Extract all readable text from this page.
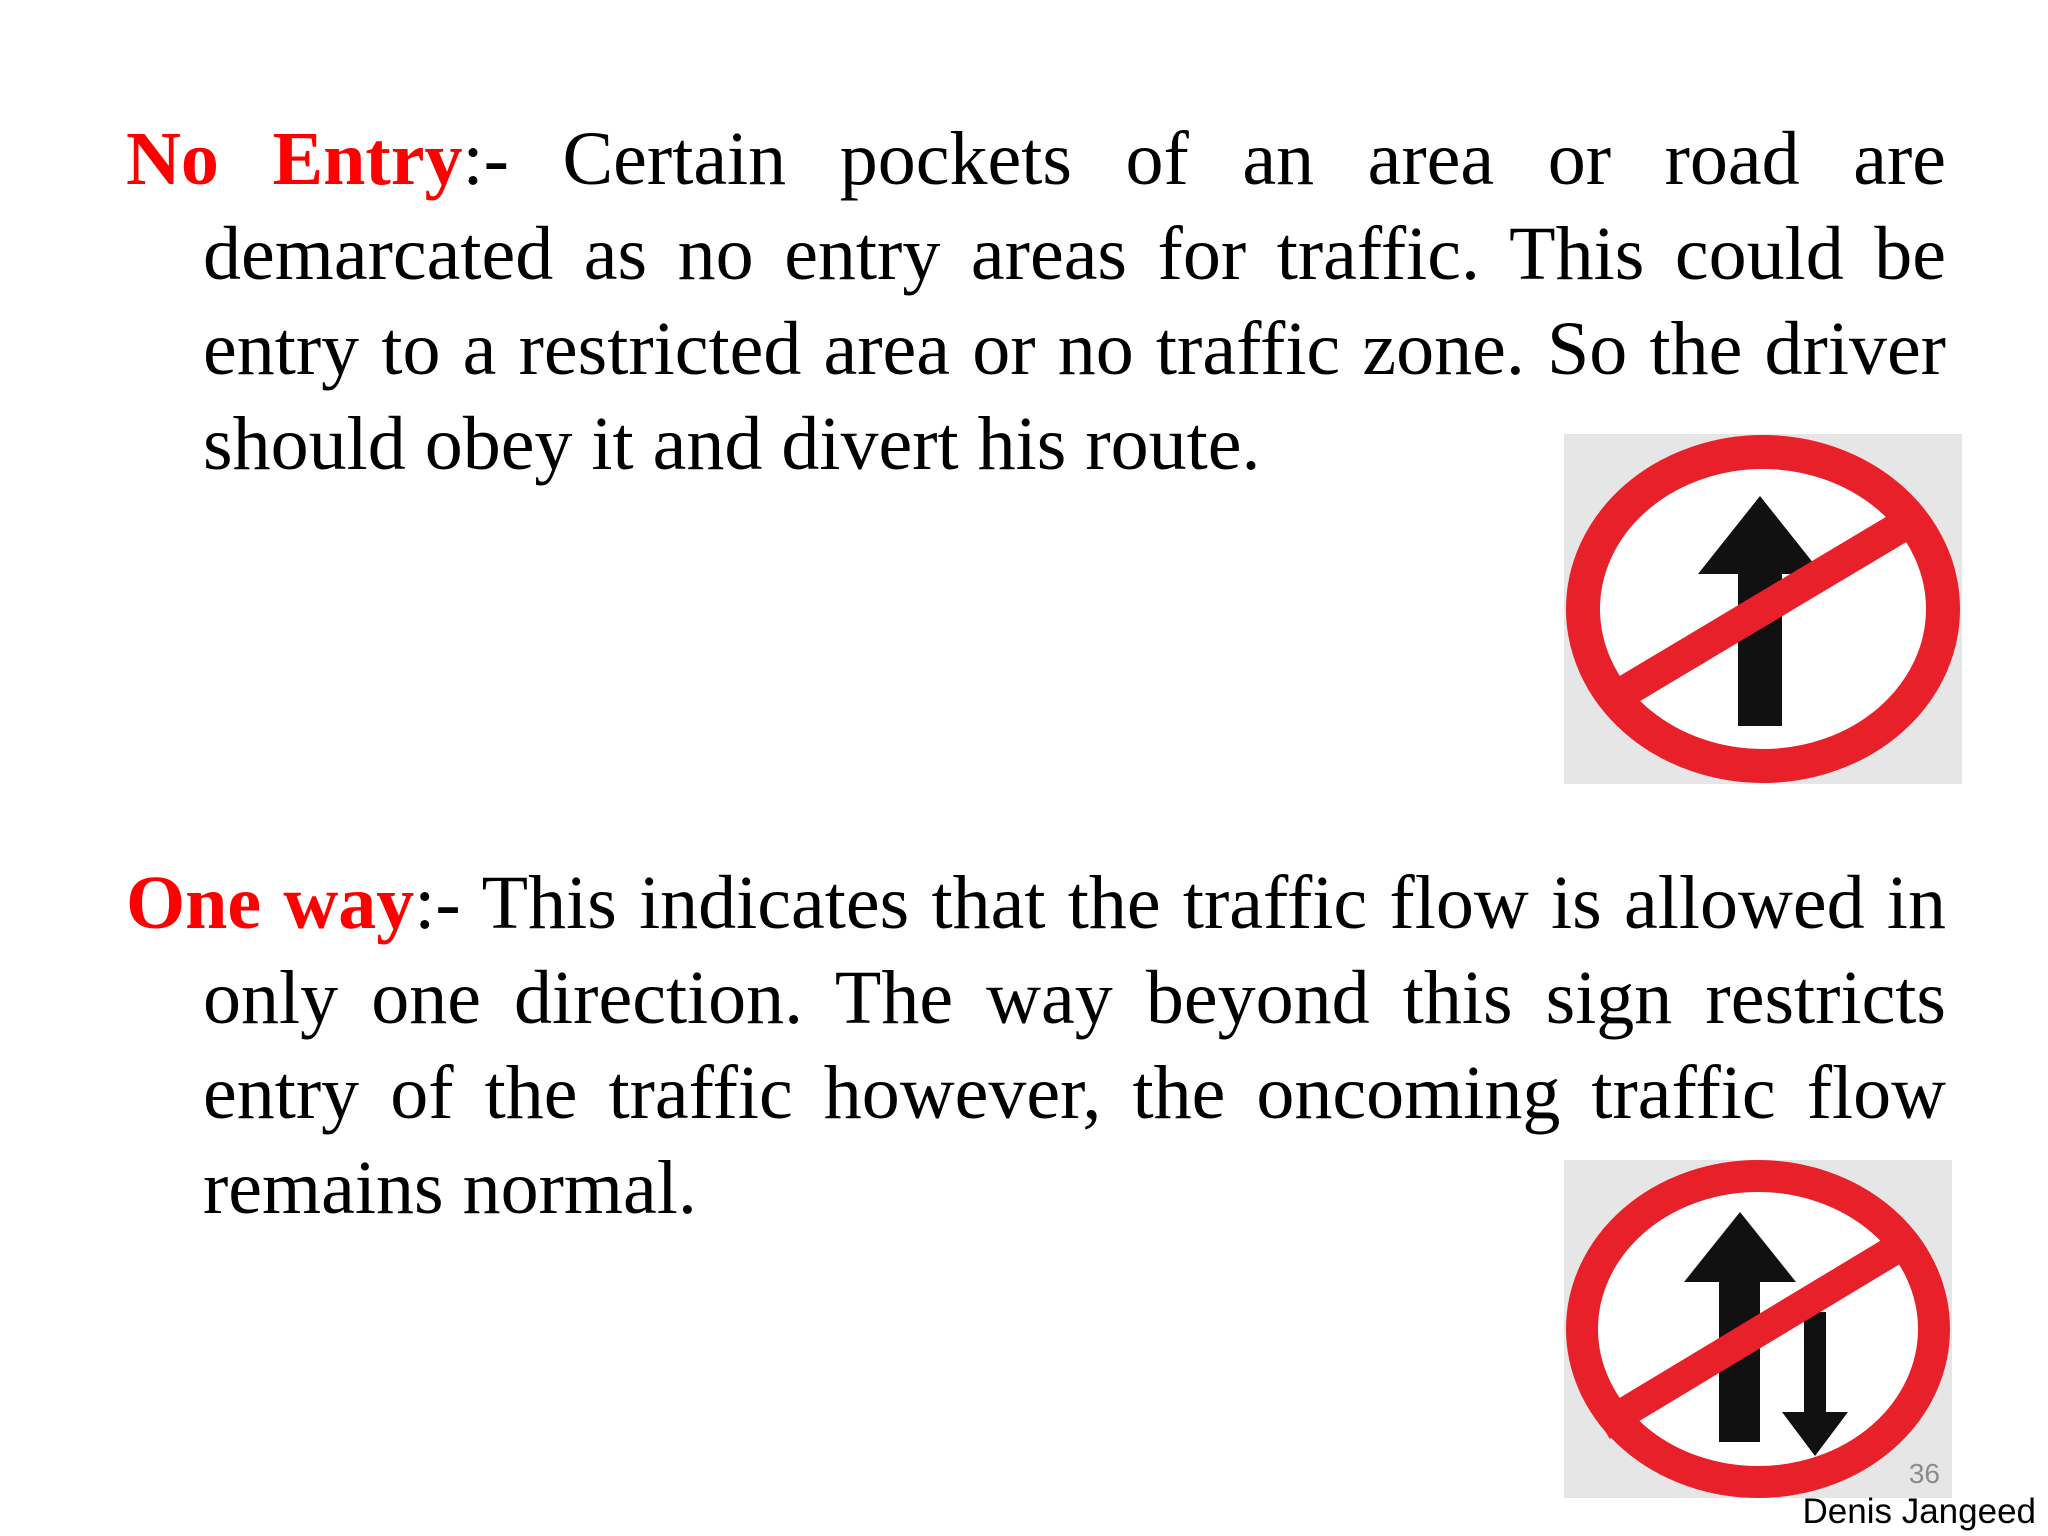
No Entry:- Certain pockets of an area or road are demarcated as no entry areas for traffic. This could be entry to a restricted area or no traffic zone. So the driver should obey it and divert his route.

One way:- This indicates that the traffic flow is allowed in only one direction. The way beyond this sign restricts entry of the traffic however, the oncoming traffic flow remains normal.

36
Denis Jangeed
